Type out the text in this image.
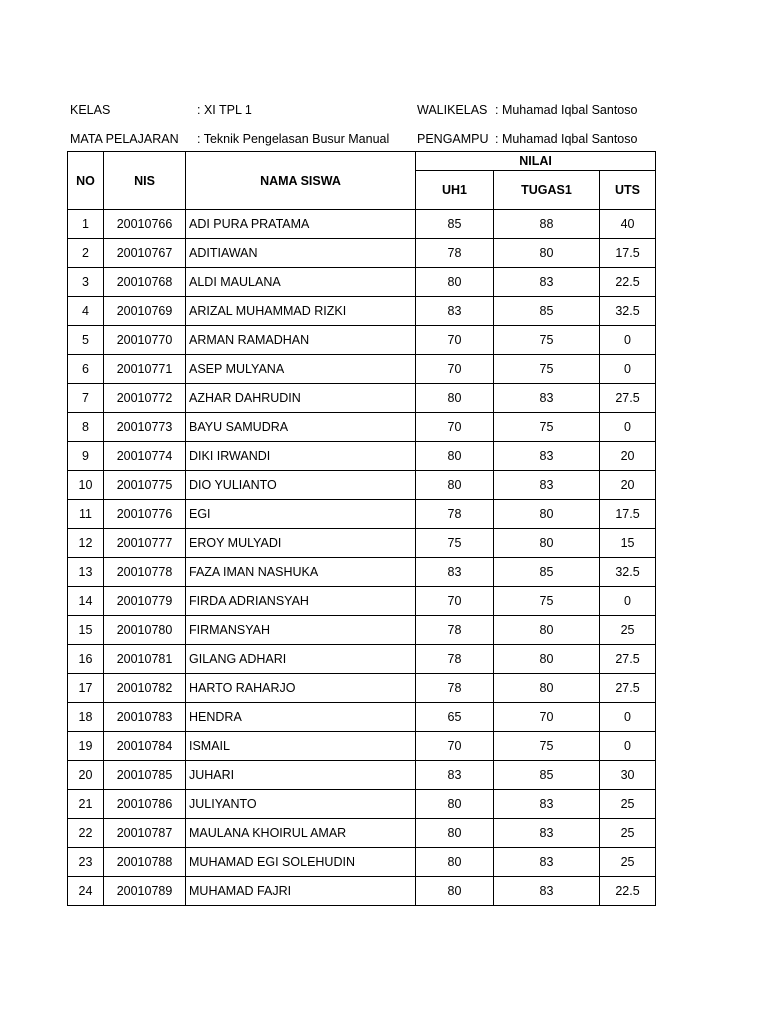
KELAS	: XI TPL 1	WALIKELAS : Muhamad Iqbal Santoso
MATA PELAJARAN : Teknik Pengelasan Busur Manual PENGAMPU : Muhamad Iqbal Santoso
NO	NIS	NAMA SISWA	NILAI		
			UH1	TUGAS1	UTS
1	20010766	ADI PURA PRATAMA	85	88	40
2	20010767	ADITIAWAN	78	80	17.5
3	20010768	ALDI MAULANA	80	83	22.5
4	20010769	ARIZAL MUHAMMAD RIZKI	83	85	32.5
5	20010770	ARMAN RAMADHAN	70	75	0
6	20010771	ASEP MULYANA	70	75	0
7	20010772	AZHAR DAHRUDIN	80	83	27.5
8	20010773	BAYU SAMUDRA	70	75	0
9	20010774	DIKI IRWANDI	80	83	20
10	20010775	DIO YULIANTO	80	83	20
11	20010776	EGI	78	80	17.5
12	20010777	EROY MULYADI	75	80	15
13	20010778	FAZA IMAN NASHUKA	83	85	32.5
14	20010779	FIRDA ADRIANSYAH	70	75	0
15	20010780	FIRMANSYAH	78	80	25
16	20010781	GILANG ADHARI	78	80	27.5
17	20010782	HARTO RAHARJO	78	80	27.5
18	20010783	HENDRA	65	70	0
19	20010784	ISMAIL	70	75	0
20	20010785	JUHARI	83	85	30
21	20010786	JULIYANTO	80	83	25
22	20010787	MAULANA KHOIRUL AMAR	80	83	25
23	20010788	MUHAMAD EGI SOLEHUDIN	80	83	25
24	20010789	MUHAMAD FAJRI	80	83	22.5
